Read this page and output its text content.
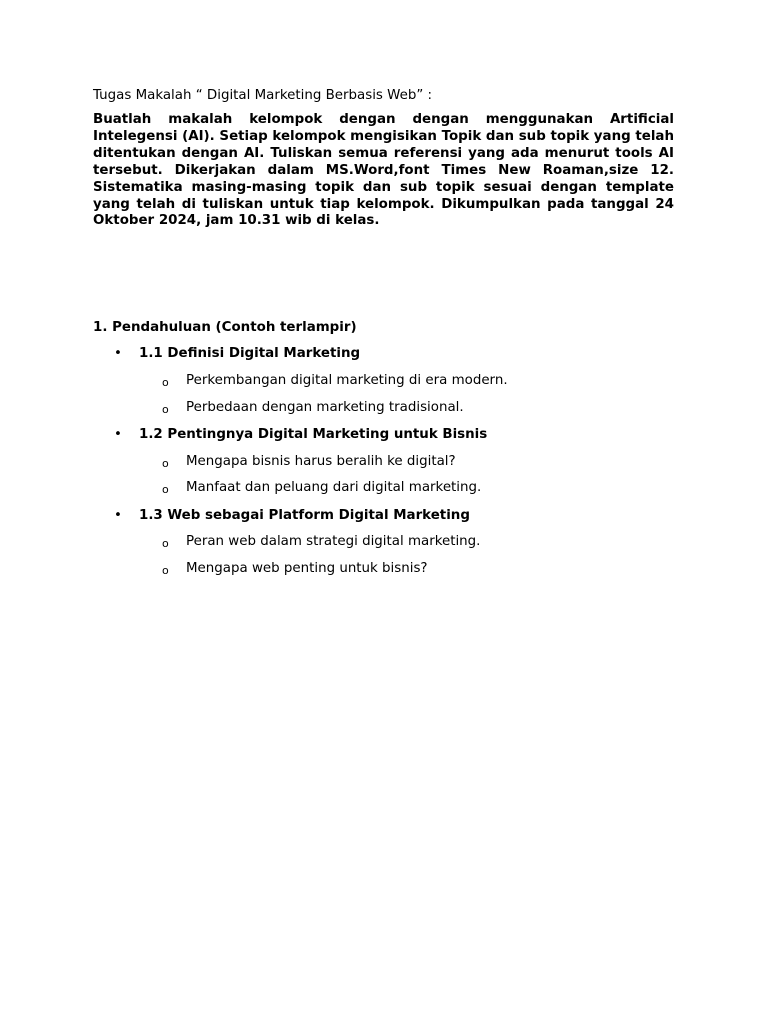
Tugas Makalah “ Digital Marketing Berbasis Web” :

Buatlah makalah kelompok dengan dengan menggunakan Artificial Intelegensi (AI). Setiap kelompok mengisikan Topik dan sub topik yang telah ditentukan dengan AI. Tuliskan semua referensi yang ada menurut tools AI tersebut. Dikerjakan dalam MS.Word,font Times New Roaman,size 12. Sistematika masing-masing topik dan sub topik sesuai dengan template yang telah di tuliskan untuk tiap kelompok. Dikumpulkan pada tanggal 24 Oktober 2024, jam 10.31 wib di kelas.

1. Pendahuluan (Contoh terlampir)

• 1.1 Definisi Digital Marketing
o Perkembangan digital marketing di era modern.
o Perbedaan dengan marketing tradisional.
• 1.2 Pentingnya Digital Marketing untuk Bisnis
o Mengapa bisnis harus beralih ke digital?
o Manfaat dan peluang dari digital marketing.
• 1.3 Web sebagai Platform Digital Marketing
o Peran web dalam strategi digital marketing.
o Mengapa web penting untuk bisnis?
